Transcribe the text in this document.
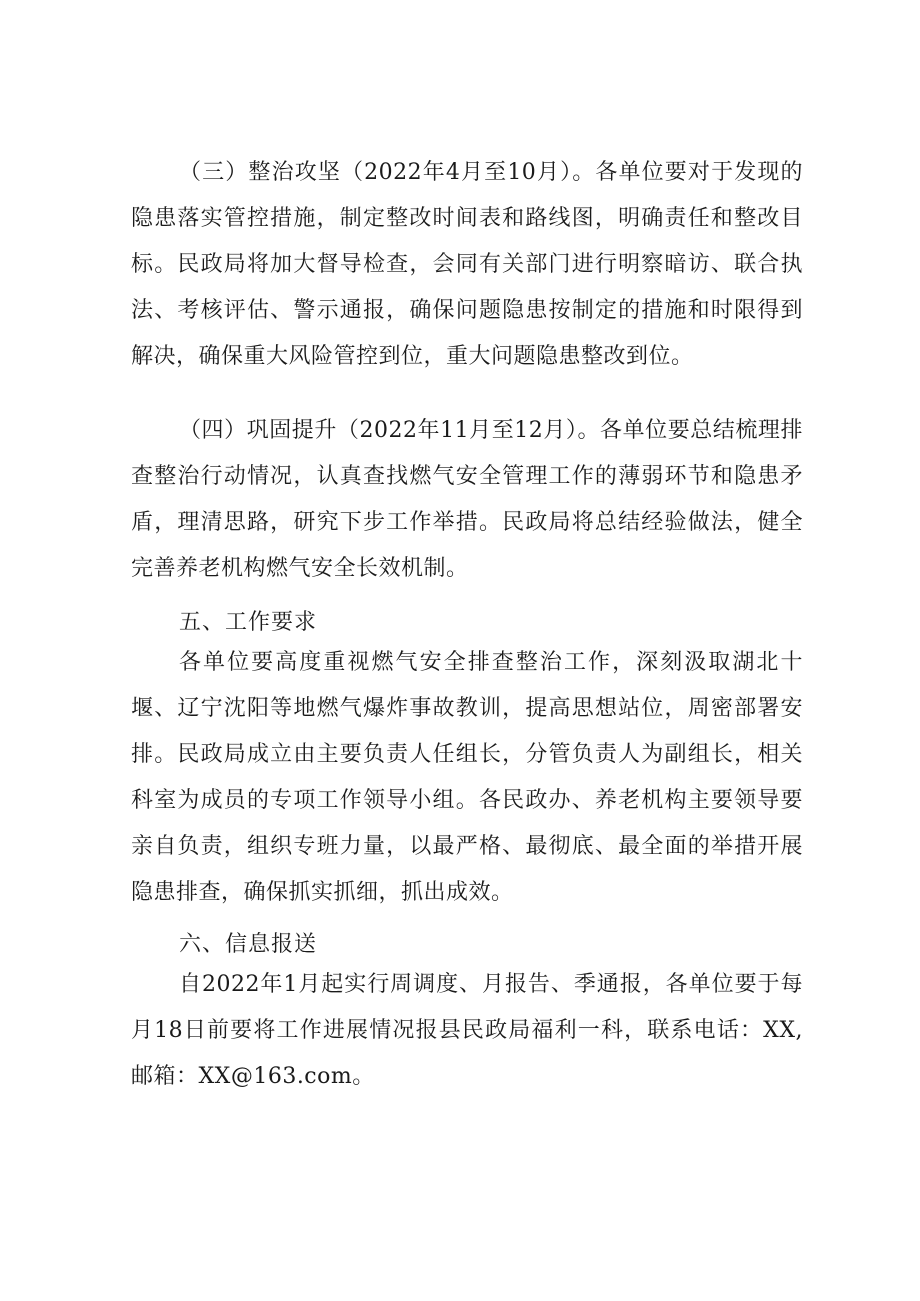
（三）整治攻坚（2022年4月至10月）。各单位要对于发现的隐患落实管控措施，制定整改时间表和路线图，明确责任和整改目标。民政局将加大督导检查，会同有关部门进行明察暗访、联合执法、考核评估、警示通报，确保问题隐患按制定的措施和时限得到解决，确保重大风险管控到位，重大问题隐患整改到位。

（四）巩固提升（2022年11月至12月）。各单位要总结梳理排查整治行动情况，认真查找燃气安全管理工作的薄弱环节和隐患矛盾，理清思路，研究下步工作举措。民政局将总结经验做法，健全完善养老机构燃气安全长效机制。

五、工作要求

各单位要高度重视燃气安全排查整治工作，深刻汲取湖北十堰、辽宁沈阳等地燃气爆炸事故教训，提高思想站位，周密部署安排。民政局成立由主要负责人任组长，分管负责人为副组长，相关科室为成员的专项工作领导小组。各民政办、养老机构主要领导要亲自负责，组织专班力量，以最严格、最彻底、最全面的举措开展隐患排查，确保抓实抓细，抓出成效。

六、信息报送

自2022年1月起实行周调度、月报告、季通报，各单位要于每月18日前要将工作进展情况报县民政局福利一科，联系电话：XX,邮箱：XX@163.com。
